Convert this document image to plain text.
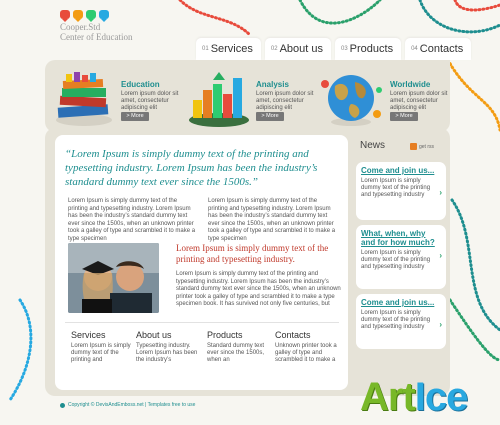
Cooper.Std
Center of Education
01 Services	02 About us	03 Products	04 Contacts
Education
Lorem ipsum dolor sit amet, consectetur adipiscing elit
> More
Analysis
Lorem ipsum dolor sit amet, consectetur adipiscing elit
> More
Worldwide
Lorem ipsum dolor sit amet, consectetur adipiscing elit
> More
“Lorem Ipsum is simply dummy text of the printing and typesetting industry. Lorem Ipsum has been the industry’s standard dummy text ever since the 1500s.”
Lorem Ipsum is simply dummy text of the printing and typesetting industry. Lorem Ipsum has been the industry’s standard dummy text ever since the 1500s, when an unknown printer took a galley of type and scrambled it to make a type specimen
Lorem Ipsum is simply dummy text of the printing and typesetting industry. Lorem Ipsum has been the industry’s standard dummy text ever since the 1500s, when an unknown printer took a galley of type and scrambled it to make a type specimen
Lorem Ipsum is simply dummy text of the printing and typesetting industry.
Lorem Ipsum is simply dummy text of the printing and typesetting industry. Lorem Ipsum has been the industry’s standard dummy text ever since the 1500s, when an unknown printer took a galley of type and scrambled it to make a type specimen book. It has survived not only five centuries, but
Services
Lorem Ipsum is simply dummy text of the printing and
About us
Typesetting industry. Lorem Ipsum has been the industry’s
Products
Standard dummy text ever since the 1500s, when an
Contacts
Unknown printer took a galley of type and scrambled it to make a
News	get rss
Come and join us...
Lorem Ipsum is simply dummy text of the printing and typesetting industry	›
What, when, why and for how much?
Lorem Ipsum is simply dummy text of the printing and typesetting industry
›
Come and join us...
Lorem Ipsum is simply dummy text of the printing and typesetting industry	›
Copyright © DevisAndEmboss.net | Templates free to use	ArtIce
